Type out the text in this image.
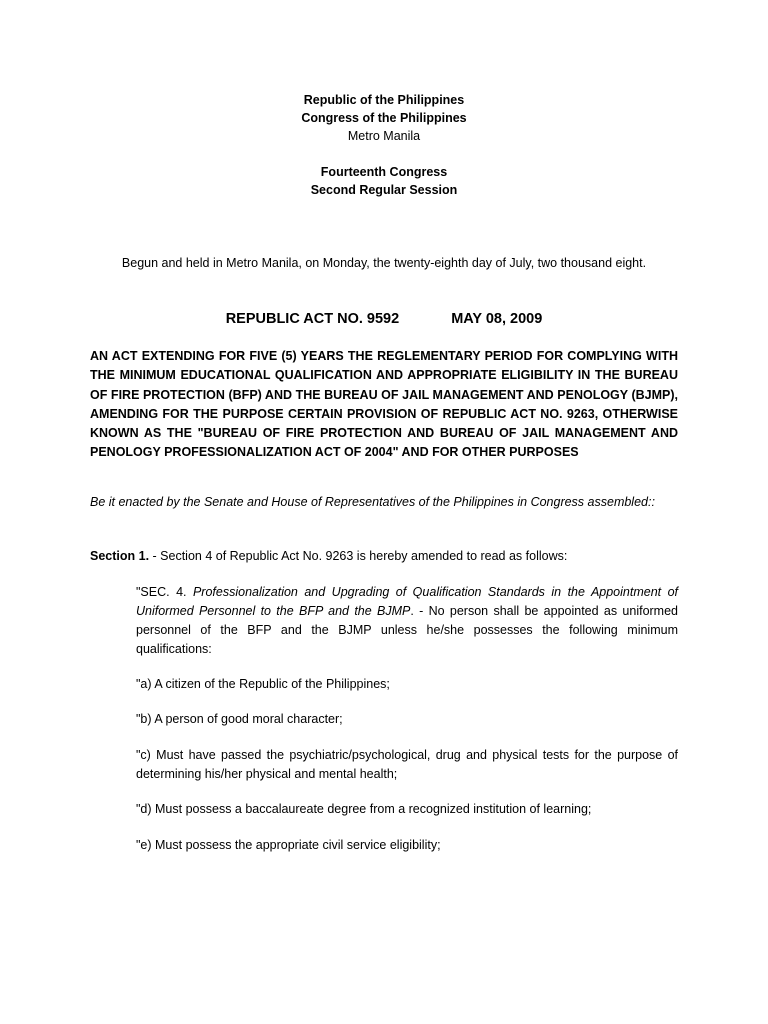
Republic of the Philippines
Congress of the Philippines
Metro Manila
Fourteenth Congress
Second Regular Session
Begun and held in Metro Manila, on Monday, the twenty-eighth day of July, two thousand eight.
REPUBLIC ACT NO. 9592	MAY 08, 2009
AN ACT EXTENDING FOR FIVE (5) YEARS THE REGLEMENTARY PERIOD FOR COMPLYING WITH THE MINIMUM EDUCATIONAL QUALIFICATION AND APPROPRIATE ELIGIBILITY IN THE BUREAU OF FIRE PROTECTION (BFP) AND THE BUREAU OF JAIL MANAGEMENT AND PENOLOGY (BJMP), AMENDING FOR THE PURPOSE CERTAIN PROVISION OF REPUBLIC ACT NO. 9263, OTHERWISE KNOWN AS THE "BUREAU OF FIRE PROTECTION AND BUREAU OF JAIL MANAGEMENT AND PENOLOGY PROFESSIONALIZATION ACT OF 2004" AND FOR OTHER PURPOSES
Be it enacted by the Senate and House of Representatives of the Philippines in Congress assembled::
Section 1. - Section 4 of Republic Act No. 9263 is hereby amended to read as follows:
"SEC. 4. Professionalization and Upgrading of Qualification Standards in the Appointment of Uniformed Personnel to the BFP and the BJMP. - No person shall be appointed as uniformed personnel of the BFP and the BJMP unless he/she possesses the following minimum qualifications:
"a) A citizen of the Republic of the Philippines;
"b) A person of good moral character;
"c) Must have passed the psychiatric/psychological, drug and physical tests for the purpose of determining his/her physical and mental health;
"d) Must possess a baccalaureate degree from a recognized institution of learning;
"e) Must possess the appropriate civil service eligibility;
